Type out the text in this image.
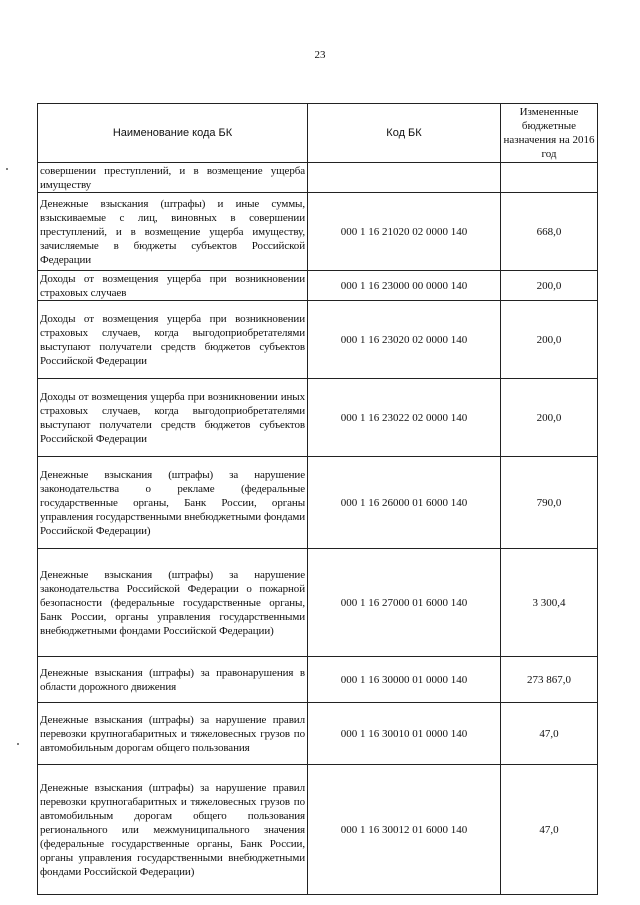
23
Наименование кода БК	Код БК	Измененные бюджетные назначения на 2016 год
совершении преступлений, и в возмещение ущерба имуществу		
Денежные взыскания (штрафы) и иные суммы, взыскиваемые с лиц, виновных в совершении преступлений, и в возмещение ущерба имуществу, зачисляемые в бюджеты субъектов Российской Федерации	000 1 16 21020 02 0000 140	668,0
Доходы от возмещения ущерба при возникновении страховых случаев	000 1 16 23000 00 0000 140	200,0
Доходы от возмещения ущерба при возникновении страховых случаев, когда выгодоприобретателями выступают получатели средств бюджетов субъектов Российской Федерации	000 1 16 23020 02 0000 140	200,0
Доходы от возмещения ущерба при возникновении иных страховых случаев, когда выгодоприобретателями выступают получатели средств бюджетов субъектов Российской Федерации	000 1 16 23022 02 0000 140	200,0
Денежные взыскания (штрафы) за нарушение законодательства о рекламе (федеральные государственные органы, Банк России, органы управления государственными внебюджетными фондами Российской Федерации)	000 1 16 26000 01 6000 140	790,0
Денежные взыскания (штрафы) за нарушение законодательства Российской Федерации о пожарной безопасности (федеральные государственные органы, Банк России, органы управления государственными внебюджетными фондами Российской Федерации)	000 1 16 27000 01 6000 140	3 300,4
Денежные взыскания (штрафы) за правонарушения в области дорожного движения	000 1 16 30000 01 0000 140	273 867,0
Денежные взыскания (штрафы) за нарушение правил перевозки крупногабаритных и тяжеловесных грузов по автомобильным дорогам общего пользования	000 1 16 30010 01 0000 140	47,0
Денежные взыскания (штрафы) за нарушение правил перевозки крупногабаритных и тяжеловесных грузов по автомобильным дорогам общего пользования регионального или межмуниципального значения (федеральные государственные органы, Банк России, органы управления государственными внебюджетными фондами Российской Федерации)	000 1 16 30012 01 6000 140	47,0
